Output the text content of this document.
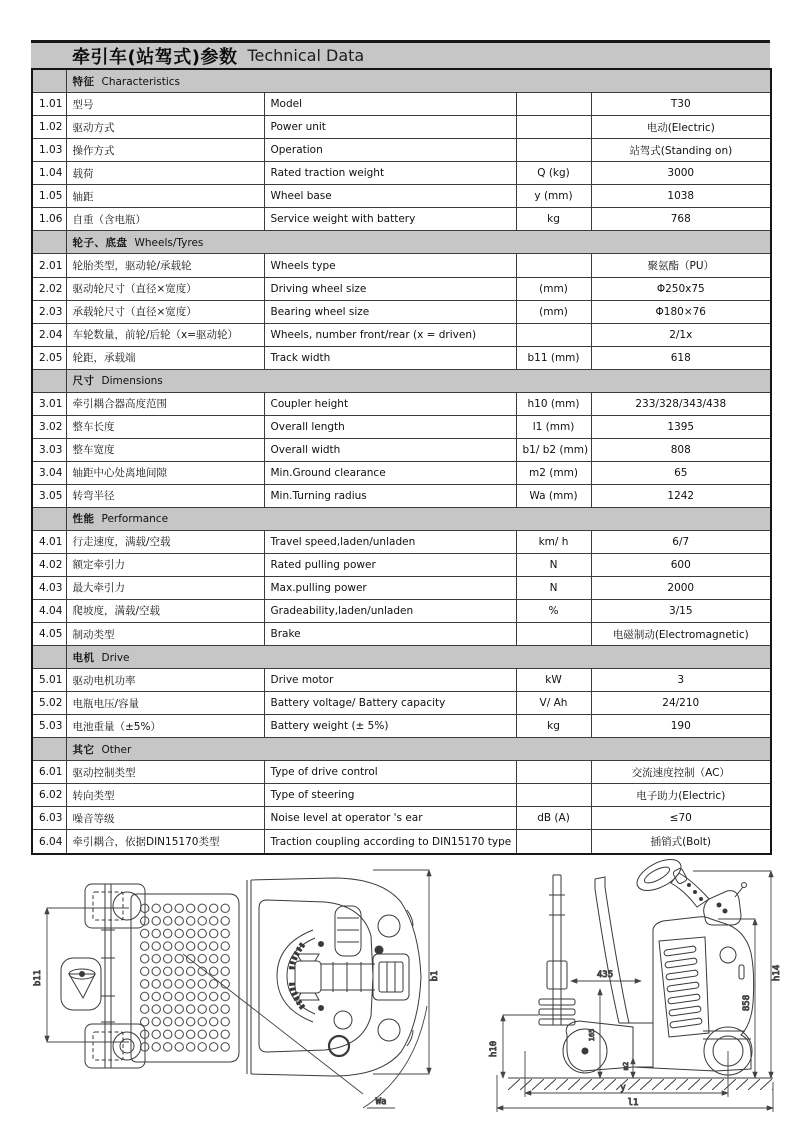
牵引车(站驾式)参数 Technical Data
	特征 Characteristics			
1.01	型号	Model		T30
1.02	驱动方式	Power unit		电动(Electric)
1.03	操作方式	Operation		站驾式(Standing on)
1.04	载荷	Rated traction weight	Q (kg)	3000
1.05	轴距	Wheel base	y (mm)	1038
1.06	自重（含电瓶）	Service weight with battery	kg	768
	轮子、底盘 Wheels/Tyres			
2.01	轮胎类型，驱动轮/承载轮	Wheels type		聚氨酯（PU）
2.02	驱动轮尺寸（直径×宽度）	Driving wheel size	(mm)	Φ250x75
2.03	承载轮尺寸（直径×宽度）	Bearing wheel size	(mm)	Φ180×76
2.04	车轮数量，前轮/后轮（x=驱动轮）	Wheels, number front/rear (x = driven)		2/1x
2.05	轮距，承载端	Track width	b11 (mm)	618
	尺寸 Dimensions			
3.01	牵引耦合器高度范围	Coupler height	h10 (mm)	233/328/343/438
3.02	整车长度	Overall length	l1 (mm)	1395
3.03	整车宽度	Overall width	b1/ b2 (mm)	808
3.04	轴距中心处离地间隙	Min.Ground clearance	m2 (mm)	65
3.05	转弯半径	Min.Turning radius	Wa (mm)	1242
	性能 Performance			
4.01	行走速度，满载/空载	Travel speed,laden/unladen	km/ h	6/7
4.02	额定牵引力	Rated pulling power	N	600
4.03	最大牵引力	Max.pulling power	N	2000
4.04	爬坡度，满载/空载	Gradeability,laden/unladen	%	3/15
4.05	制动类型	Brake		电磁制动(Electromagnetic)
	电机 Drive			
5.01	驱动电机功率	Drive motor	kW	3
5.02	电瓶电压/容量	Battery voltage/ Battery capacity	V/ Ah	24/210
5.03	电池重量（±5%）	Battery weight (± 5%)	kg	190
	其它 Other			
6.01	驱动控制类型	Type of drive control		交流速度控制（AC）
6.02	转向类型	Type of steering		电子助力(Electric)
6.03	噪音等级	Noise level at operator 's ear	dB (A)	≤70
6.04	牵引耦合，依据DIN15170类型	Traction coupling according to DIN15170 type		插销式(Bolt)
b11	b1
Wa
h14
858
h10
435
165
m2
y
l1
